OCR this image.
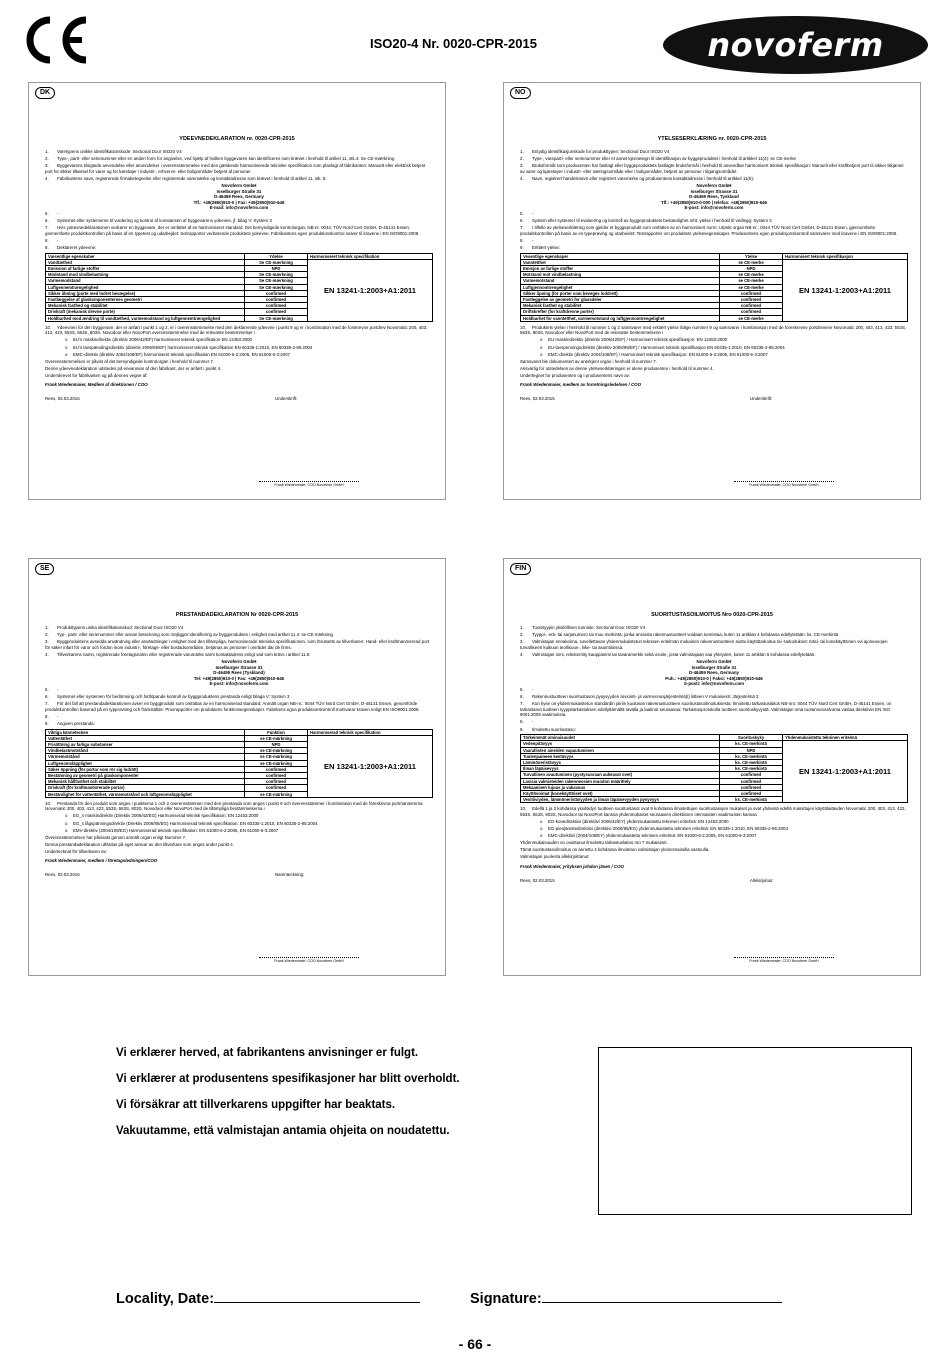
ISO20-4 Nr. 0020-CPR-2015	novoferm
DK
YDEEVNEDEKLARATION nr. 0020-CPR-2015

1. Varetypens unikke identifikationskode: Sectional Door ISO20 V4

2. Type-, parti- eller serienummer eller en anden form for angivelse, ved hjælp af hvilken byggevaren kan identificeres som krævet i henhold til artikel 11, stk.4: Se CE-mærkning

3. Byggevarens tilsigtede anvendelse eller anvendelser i overensstemmelse med den gældende harmoniserede tekniske specifikation som planlagt af fabrikanten: Manuelt eller elektrisk betjent port for sikker tilkørsel for varer og for køretøjer i industri-, erhvervs- eller boligområder betjent af personer.

4. Fabrikantens navn, registrerede firmabetegnelse eller registrerede varemærke og kontaktadresse som krævet i henhold til artikel 11, stk. 5:

Novoferm GmbH

Isselburger Straße 31

D-46459 Rees, Germany

Tlf.: +49(2850)910-0 | Fax: +49(2850)910-646

E-mail: info@novoferm.com

5. -

6. Systemet eller systemerne til vurdering og kontrol af konstansen af byggevarens ydeevne, jf. bilag V: System 3

7. Hvis ydeevnedeklarationen vedrører en byggevare, der er omfattet af en harmoniseret standard: Det bemyndigede kontrolorgan, NB-nr. 0044, TÜV Nord Cert GmbH, D-45141 Essen, gennemførte produktkontrollen på basis af en typetest og udarbejdet: testrapporter vedrørende produktets ydeevne. Fabrikantens egen produktionskontrol svarer til kravene i EN ISO9001:2008.

8. -

9. Deklareret ydeevne:

Væsentlige egenskaber	Ydelse	Harmoniseret teknisk specifikation
Vandtæthed	Se CE-mærkning	EN 13241-1:2003+A1:2011
Emission af farlige stoffer	NPD	
Modstand mod vindbelastning	Se CE-mærkning	
Varmemodstand	Se CE-mærkning	
Luftgennemtrængelighed	Se CE-mærkning	
Sikker åbning (porte med lodret bevægelse)	confirmed	
Fastlæggelse af glaskomponenternes geometri	confirmed	
Mekanisk fasthed og stabilitet	confirmed	
Drivkraft (mekanisk drevne porte)	confirmed	
Holdbarhed mod ændring til vandtæthed, varmemodstand og luftgennemtrængelighed	Se CE-mærkning	

10. Ydeevnen for den byggevare, der er anført i punkt 1 og 2, er i overensstemmelse med den deklarerede ydeevne i punkt 9 og er i kombination med de forskrevne portdrev Novomatic 200, 403, 413, 423, 553S, 563S, 803S, Novodoor eller NovoPort overensstemmelse med de relevante bestemmelser i

o EU's maskindirektiv (direktiv 2006/42/EF) harmoniseret teknisk specifikation EN 12453:2000

o EU's lavspændingsdirektiv (direktiv 2006/95/EF) harmoniseret teknisk specifikation EN 60335-1:2010, EN 60335-2-95:2004

o EMC-direktiv (direktiv 2004/108/EF) harmoniseret teknisk specifikation EN 61000-6-2:2005, EN 61000-6-3:2007

Overensstemmelsen er påvist af det bemyndigede kontrolorgan i henhold til nummer 7.

Denne ydeevnedeklaration udstedes på eneansvar af den fabrikant, der er anført i punkt 4.

Underskrevet for fabrikanten og på dennes vegne af:

Frank Wiedenmaier, Medlem af direktionen / COO

Rees, 02.03.2015	Underskrift:
Frank Wiedenmaier, COO Novoferm GmbH
NO
YTELSESERKLÆRING nr. 0020-CPR-2015

1. Entydig identifikasjonskode for produkttypen: Sectional Door ISO20 V4

2. Type-, varepartí- eller serienummer eller et annet kjennetegn til identifikasjon av byggeproduktet i henhold til artikkel 11(4): se CE-merke

3. Bruksformål som produsenten har fastlagt eller byggeproduktets fastlagte bruksformål i henhold til anvendbar harmonisert teknisk spesifikasjon: Manuelt eller kraftbetjent port til sikker tilkjørsel av varer og kjøretøyer i industri- eller næringsområde eller i boligområder, betjent av personer i tilgangsområdet

4. Navn, registrert handelsnavn eller registrert varemerke og produsentens kontaktadresse i henhold til artikkel 11(5):

Novoferm GmbH

Isselburger Strasse 31

D-46459 Rees, Tyskland

Tlf.: +49(2850)910-0-000 | telefax: +49(2850)910-646

E-post: info@novoferm.com

5. -

6. System eller systemer til evaluering og kontroll av byggeproduktets bestandighet mht. ytelse i henhold til vedlegg: System 3

7. I tilfelle av ytelseserklæring som gjelder et byggeprodukt som omfattes av en harmonisert norm: Utpekt organ NB-nr.: 0044 TÜV Nord Cert GmbH, D-45141 Essen, gjennomførte produktkontrollen på basis av en typeprøving og utarbeidet: Testrapporter om produktets ytelsesegenskaper. Produsentens egen produksjonskontroll samsvarer med kravene i EN ISO9001:2008.

8. -

9. Erklært ytelse:

Vesentlige egenskaper	Ytelse	Harmonisert teknisk spesifikasjon
Vanntetthet	se CE-merke	EN 13241-1:2003+A1:2011
Emisjon av farlige stoffer	NPD	
Motstand mot vindbelastning	se CE-merke	
Varmemotstand	se CE-merke	
Luftgjennomtrengelighet	se CE-merke	
Sikker åpning (for porter som beveges loddrett)	confirmed	
Fastleggelse av geometri for glassdeler	confirmed	
Mekanisk fasthet og stabilitet	confirmed	
Driftskrefter (for kraftdrevne porter)	confirmed	
Holdbarhet for vanntetthet, varmemotstand og luftgjennomtrengelighet	se CE-merke	

10. Produktets ytelse i henhold til nummer 1 og 2 samsvarer med erklært ytelse ifølge nummer 9 og samsvarer i kombinasjon med de foreskrevne portdrevene Novomatic 200, 403, 413, 423, 553S, 563S, 803S, Novodoor eller NovoPort med de relevante bestemmelsene i

o EU-maskindirektiv (direktiv 2006/42/EF) / Harmonisert teknisk spesifikasjon: EN 12453:2000

o EU-lavspenningsdirektiv (direktiv 2006/95/EF) / Harmonisert teknisk spesifikasjon EN 60335-1:2010, EN 60335-2-95:2004

o EMC-direktiv (direktiv 2004/108/EF) / Harmonisert teknisk spesifikasjon: EN 61000-6-2:2005, EN 61000-6-3:2007

Samsvaret ble dokumentert av anerkjent organ i henhold til nummer 7.

Ansvarlig for utstedelsen av denne ytelseserklæringen er alene produsenten i henhold til nummer 4.

Undertegnet for produsenten og i produsentens navn av:

Frank Wiedenmaier, medlem av forretningsledelsen / COO

Rees, 02.03.2015	Underskrift:
Frank Wiedenmaier, COO Novoferm GmbH
SE
PRESTANDADEKLARATION Nr 0020-CPR-2015

1. Produkttypens unika identifikationskod: Sectional Door ISO20 V4

2. Typ-, parti- eller serienummer eller annan beteckning som möjliggör identifiering av byggprodukten i enlighet med artikel 11.4: se CE-märkning

3. Byggproduktens avsedda användning eller användningar i enlighet med den tillämpliga, harmoniserade tekniska specifikationen, som förutsetts av tillverkaren: Hand- eller kraftmanövrerad port för säker infart för varor och fordon inom industri-, företags- eller bostadsområden, betjänas av personer i området där de finns.

4. Tillverkarens namn, registrerade företagsnamn eller registrerade varumärke samt kontaktadress enligt vad som krävs i artikel 11.5:

Novoferm GmbH

Isselburger Strasse 31

D-46459 Rees (Tyskland)

Tel: +49(2850)910-0 | Fax: +49(2850)910-646

E-post: info@novoferm.com

5. -

6. Systemet eller systemen för bedömning och fortlöpande kontroll av byggproduktens prestanda enligt bilaga V: System 3

7. För det fall att prestandadeklarationen avser en byggprodukt som omfattas av en harmoniserad standard: Anmält organ NB-nr.: 0044 TÜV Nord Cert GmbH, D-45141 Essen, genomförde produktkontrollen baserad på en typprovning och framställde: Provrapporter om produktens funktionsegenskaper. Fabrikens egna produktionskontroll motsvarar kraven enligt EN ISO9001:2008.

8. -

9. Angiven prestanda:

Viktiga kännetecken	Funktion	Harmoniserad teknisk specifikation
Vattentäthet	se CE-märkning	EN 13241-1:2003+A1:2011
Frisättning av farliga substanser	NPD	
Vindbelastmotstånd	se CE-märkning	
Värmemotstånd	se CE-märkning	
Luftgenomsläpplighet	se CE-märkning	
Säker öppning (för portar som rör sig lodrätt)	confirmed	
Bestämning av geometri på glaskomponenter	confirmed	
Mekanisk hållfasthet och stabilitet	confirmed	
Drivkraft (för kraftmanövrerade portar)	confirmed	
Beständighet för vattentäthet, värmemotstånd och luftgenomsläpplighet	se CE-märkning	

10. Prestanda för den produkt som anges i punkterna 1 och 2 överensstämmer med den prestanda som anges i punkt 9 och överensstämmer i kombination med de föreskrivna portmanövrerna Novomatic 200, 403, 413, 423, 553S, 563S, 803S, Novodoor eller NovoPort med de tillämpliga bestämmelserna i

o EG_s maskindirektiv (Direktiv 2006/42/EG) Harmoniserad teknisk specifikation: EN 12453:2000

o EG_s lågspänningsdirektiv (Direktiv 2006/95/EG) Harmoniserad teknisk specifikation: EN 60335-1:2010, EN 60335-2-95:2004

o EMV-direktiv (2004/108/EG) Harmoniserad teknisk specifikation: EN 61000-6-2:2005, EN 61000-6-3:2007

Överensstämmelsen har påvisats genom anmält organ enligt Nummer 7.

Denna prestandadeklaration utfärdas på eget ansvar av den tillverkare som anges under punkt 4.

Undertecknat för tillverkaren av:

Frank Wiedenmaier, medlem i företagsledningen/COO

Rees, 02.03.2015	Namnteckning:
Frank Wiedenmaier, COO Novoferm GmbH
FIN
SUORITUSTASOILMOITUS Nro 0020-CPR-2015

1. Tuotetyypin yksilöllinen tunniste: Sectional Door ISO20 V4

2. Tyyppi-, erä- tai sarjanumero tai muu merkintä, jonka ansiosta rakennustuotteet voidaan tunnistaa, kuten 11 artiklan 4 kohdassa edellytetään: ks. CE-merkintä

3. Valmistajan ennakoima, sovellettavan yhdenmukaistetun teknisen eritelmän mukainen rakennustuotteen aiottu käyttötarkoitus tai -tarkoitukset: Käsi- tai konekäyttöinen ovi ajoneuvojen turvalliseen kulkuun teollisuus-, liike- tai asuintiloissa.

4. Valmistajan nimi, rekisteröity kauppanimi tai tavaramerkki sekä osoite, josta valmistajaan saa yhteyden, kuten 11 artiklan 5 kohdassa edellytetään:

Novoferm GmbH

Isselburger Straße 31

D-46459 Rees, Germany

Puh.: +49(2850)910-0 | Faksi: +49(2850)910-646

S-posti: info@novoferm.com

5. -

6. Rakennustuotteen suoritustason pysyvyyden arviointi- ja varmennusjärjestelmä(t) liitteen V mukaisesti: Järjestelmä 3

7. Kun kyse on yhdenmukaistetun standardin piiriin kuuluvan rakennustuotteen suoritustasoilmoituksesta: Ilmoitettu tarkastuslaitos NB-nro: 0044 TÜV Nord Cert GmbH, D-45141 Essen, on tarkastanut tuotteen tyyppitarkastuksen edellyttämällä tavalla ja laatinut seuraavaa: Tarkastusprotokolla tuotteen suorituskyvystä. Valmistajan oma tuotannonvalvonta vastaa direktiivin EN ISO 9001:2008 vaatimuksia.

8. -

9. Ilmoitettu suoritustaso:

Tärkeimmät ominaisuudet	Suorituskyky	Yhdenmukaistettu tekninen eritelmä
Vedenpitävyys	ks. CE-merkintä	EN 13241-1:2003+A1:2011
Vaarallisten aineiden vapautuminen	NPD	
Tuulenpaineen kestävyys	ks. CE-merkintä	
Lämmöneristävyys	ks. CE-merkintä	
Ilman läpäisevyys	ks. CE-merkintä	
Turvallinen avautuminen (pystysuoraan aukeavat ovet)	confirmed	
Lasisia valmisteiden rakenneosien muodon määrittely	confirmed	
Mekaaninen lujuus ja vakavuus	confirmed	
Käyttövoimat (konekäyttöiset ovet)	confirmed	
Vesitiiviyden, lämmöneristävyyden ja ilman läpäisevyyden pysyvyys	ks. CE-merkintä	

10. Edellä 1 ja 2 kohdassa yksilöidyn tuotteen suoritustasot ovat 9 kohdassa ilmoitettujen suoritustasojen mukaiset ja ovat yhdessä edellä mainittujen käyttölaitteiden Novomatic 200, 403, 413, 423, 553S, 563S, 803S, Novodoor tai NovoPort kanssa yhdenmukaiset seuraavien direktiivien olennaisten vaatimusten kanssa

o EG-konedirektiivi (direktiivi 2006/42/EY) yhdenmukaistettu tekninen eritelmä: EN 12453:2000

o EG-pienjännitedirektiivi (direktiivi 2006/95/EG) yhdenmukaistettu tekninen eritelmä: EN 60335-1:2010, EN 60335-2-95:2004

o EMC-direktiivi (2004/108/EY) yhdenmukaistettu tekninen eritelmä: EN 61000-6-2:2005, EN 61000-6-3:2007

Yhdenmukaisuuden on osoittanut ilmoitettu tarkastuslaitos nro 7 mukaisesti.

Tämä suoritustasoilmoitus on annettu 4 kohdassa ilmoitetun valmistajan yksinomaisella vastuulla.

Valmistajan puolesta allekirjoittanut:

Frank Wiedenmaier, yrityksen johdon jäsen / COO

Rees, 02.03.2015	Allekirjoitus:
Frank Wiedenmaier, COO Novoferm GmbH
Vi erklærer herved, at fabrikantens anvisninger er fulgt.
Vi erklærer at produsentens spesifikasjoner har blitt overholdt.
Vi försäkrar att tillverkarens uppgifter har beaktats.
Vakuutamme, että valmistajan antamia ohjeita on noudatettu.
Locality, Date:	Signature:
- 66 -
